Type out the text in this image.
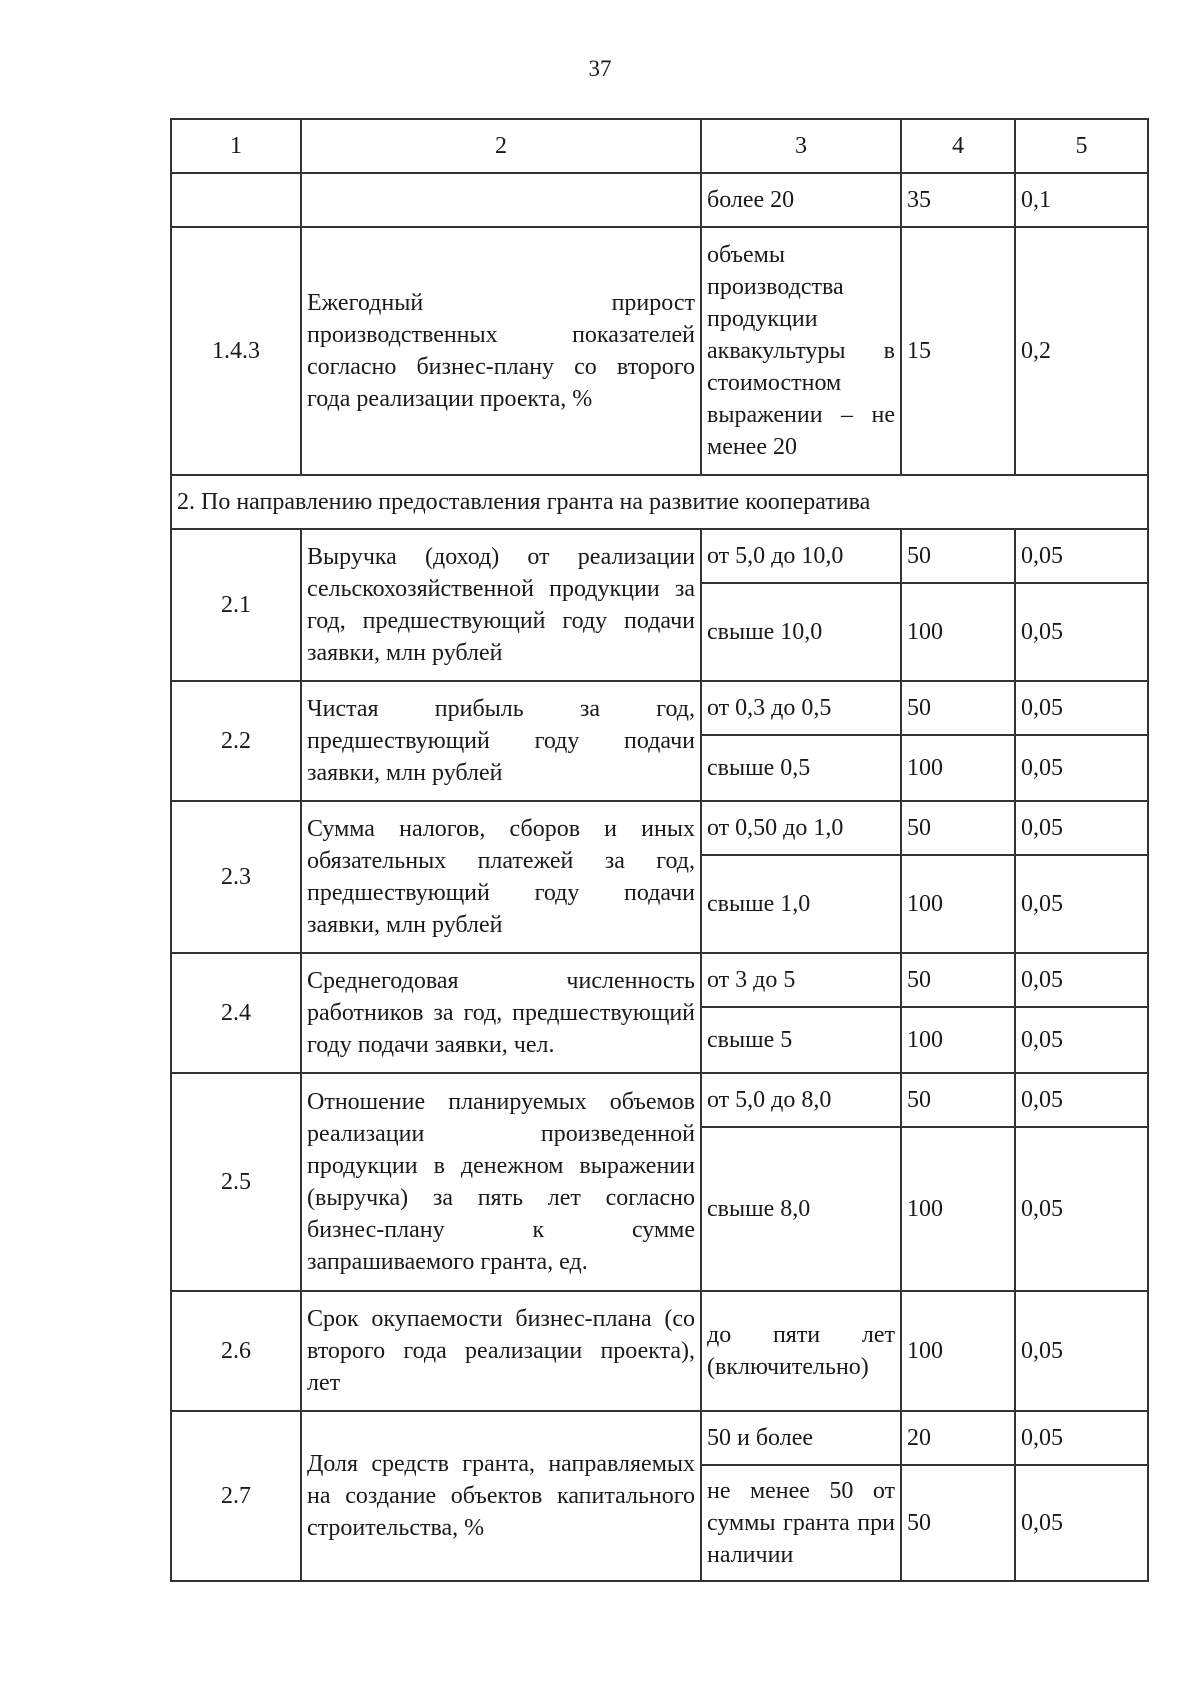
37
1	2	3	4	5
		более 20	35	0,1
1.4.3	Ежегодный прирост производственных показателей согласно бизнес-плану со второго года реализации проекта, %	объемы производства продукции аквакультуры в стоимостном выражении – не менее 20	15	0,2
2. По направлению предоставления гранта на развитие кооператива				
2.1	Выручка (доход) от реализации сельскохозяйственной продукции за год, предшествующий году подачи заявки, млн рублей	от 5,0 до 10,0	50	0,05
		свыше 10,0	100	0,05
2.2	Чистая прибыль за год, предшествующий году подачи заявки, млн рублей	от 0,3 до 0,5	50	0,05
		свыше 0,5	100	0,05
2.3	Сумма налогов, сборов и иных обязательных платежей за год, предшествующий году подачи заявки, млн рублей	от 0,50 до 1,0	50	0,05
		свыше 1,0	100	0,05
2.4	Среднегодовая численность работников за год, предшествующий году подачи заявки, чел.	от 3 до 5	50	0,05
		свыше 5	100	0,05
2.5	Отношение планируемых объемов реализации произведенной продукции в денежном выражении (выручка) за пять лет согласно бизнес-плану к сумме запрашиваемого гранта, ед.	от 5,0 до 8,0	50	0,05
		свыше 8,0	100	0,05
2.6	Срок окупаемости бизнес-плана (со второго года реализации проекта), лет	до пяти лет (включительно)	100	0,05
2.7	Доля средств гранта, направляемых на создание объектов капитального строительства, %	50 и более	20	0,05
		не менее 50 от суммы гранта при наличии	50	0,05
